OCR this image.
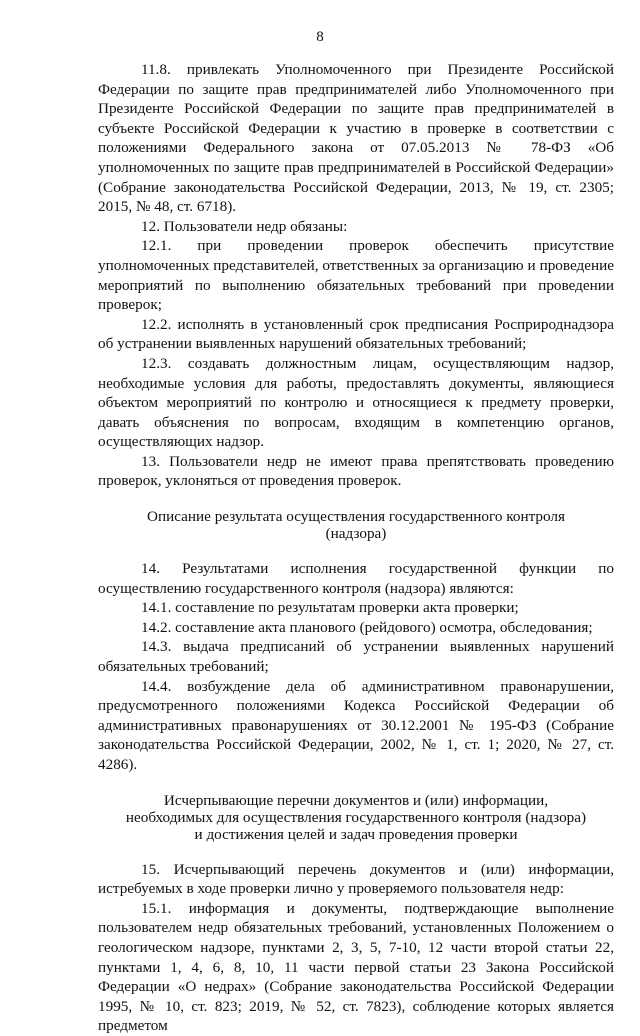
8

11.8. привлекать Уполномоченного при Президенте Российской Федерации по защите прав предпринимателей либо Уполномоченного при Президенте Российской Федерации по защите прав предпринимателей в субъекте Российской Федерации к участию в проверке в соответствии с положениями Федерального закона от 07.05.2013 № 78-ФЗ «Об уполномоченных по защите прав предпринимателей в Российской Федерации» (Собрание законодательства Российской Федерации, 2013, № 19, ст. 2305; 2015, № 48, ст. 6718).

12. Пользователи недр обязаны:

12.1. при проведении проверок обеспечить присутствие уполномоченных представителей, ответственных за организацию и проведение мероприятий по выполнению обязательных требований при проведении проверок;

12.2. исполнять в установленный срок предписания Росприроднадзора об устранении выявленных нарушений обязательных требований;

12.3. создавать должностным лицам, осуществляющим надзор, необходимые условия для работы, предоставлять документы, являющиеся объектом мероприятий по контролю и относящиеся к предмету проверки, давать объяснения по вопросам, входящим в компетенцию органов, осуществляющих надзор.

13. Пользователи недр не имеют права препятствовать проведению проверок, уклоняться от проведения проверок.

Описание результата осуществления государственного контроля
(надзора)

14. Результатами исполнения государственной функции по осуществлению государственного контроля (надзора) являются:

14.1. составление по результатам проверки акта проверки;

14.2. составление акта планового (рейдового) осмотра, обследования;

14.3. выдача предписаний об устранении выявленных нарушений обязательных требований;

14.4. возбуждение дела об административном правонарушении, предусмотренного положениями Кодекса Российской Федерации об административных правонарушениях от 30.12.2001 № 195-ФЗ (Собрание законодательства Российской Федерации, 2002, № 1, ст. 1; 2020, № 27, ст. 4286).

Исчерпывающие перечни документов и (или) информации,
необходимых для осуществления государственного контроля (надзора)
и достижения целей и задач проведения проверки

15. Исчерпывающий перечень документов и (или) информации, истребуемых в ходе проверки лично у проверяемого пользователя недр:

15.1. информация и документы, подтверждающие выполнение пользователем недр обязательных требований, установленных Положением о геологическом надзоре, пунктами 2, 3, 5, 7-10, 12 части второй статьи 22, пунктами 1, 4, 6, 8, 10, 11 части первой статьи 23 Закона Российской Федерации «О недрах» (Собрание законодательства Российской Федерации 1995, № 10, ст. 823; 2019, № 52, ст. 7823), соблюдение которых является предметом
